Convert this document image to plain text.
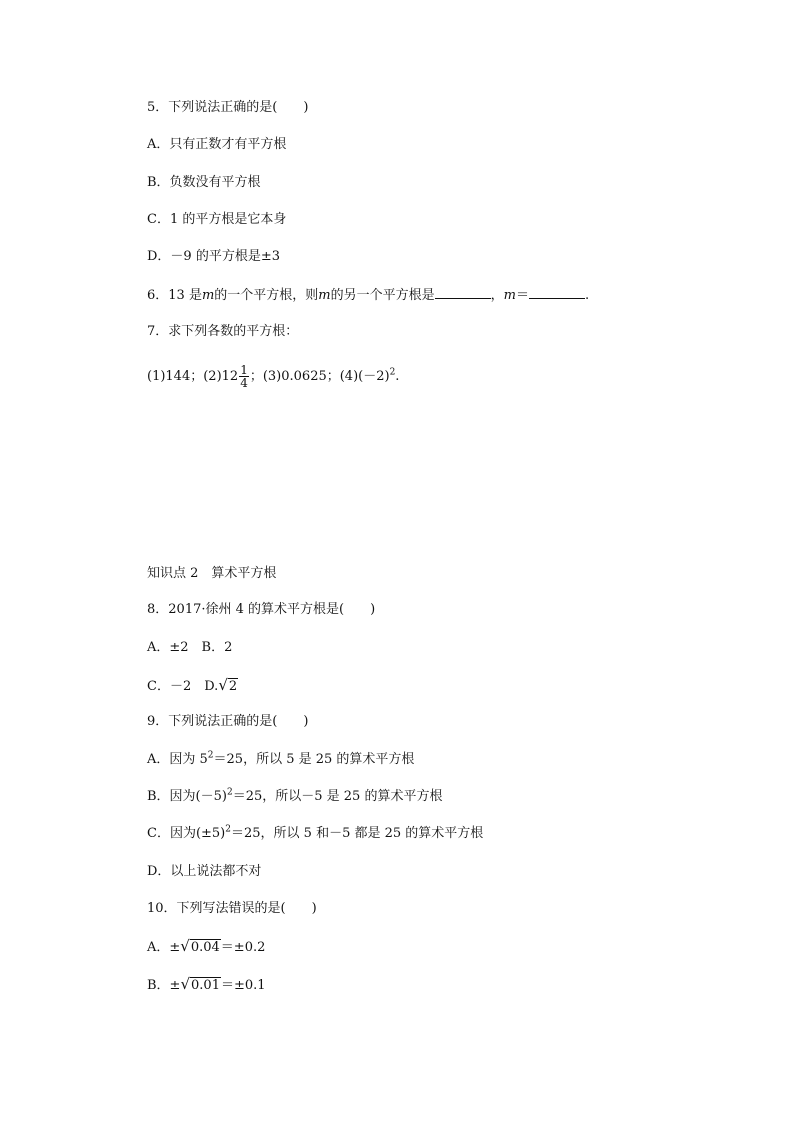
5．下列说法正确的是(　　)
A．只有正数才有平方根
B．负数没有平方根
C．1 的平方根是它本身
D．－9 的平方根是±3
6．13 是m的一个平方根，则m的另一个平方根是	，m＝	.
7．求下列各数的平方根：
(1)144；$(2)12 \frac{1}{4}$ ；(3)0.0625；$(4)(-2)^2$.
知识点 2　算术平方根
8．2017·徐州 4 的算术平方根是(　　)
A．±2　B．2
C．－2　D.√2
9．下列说法正确的是(　　)
A．因为 $5^2=25$，所以 5 是 25 的算术平方根
B．因为$(-5)^2=25$，所以－5 是 25 的算术平方根
C．因为$(\pm 5)^2=25$，所以 5 和－5 都是 25 的算术平方根
D．以上说法都不对
10．下列写法错误的是(　　)
A．±√0.04＝±0.2
B．±√0.01＝±0.1
